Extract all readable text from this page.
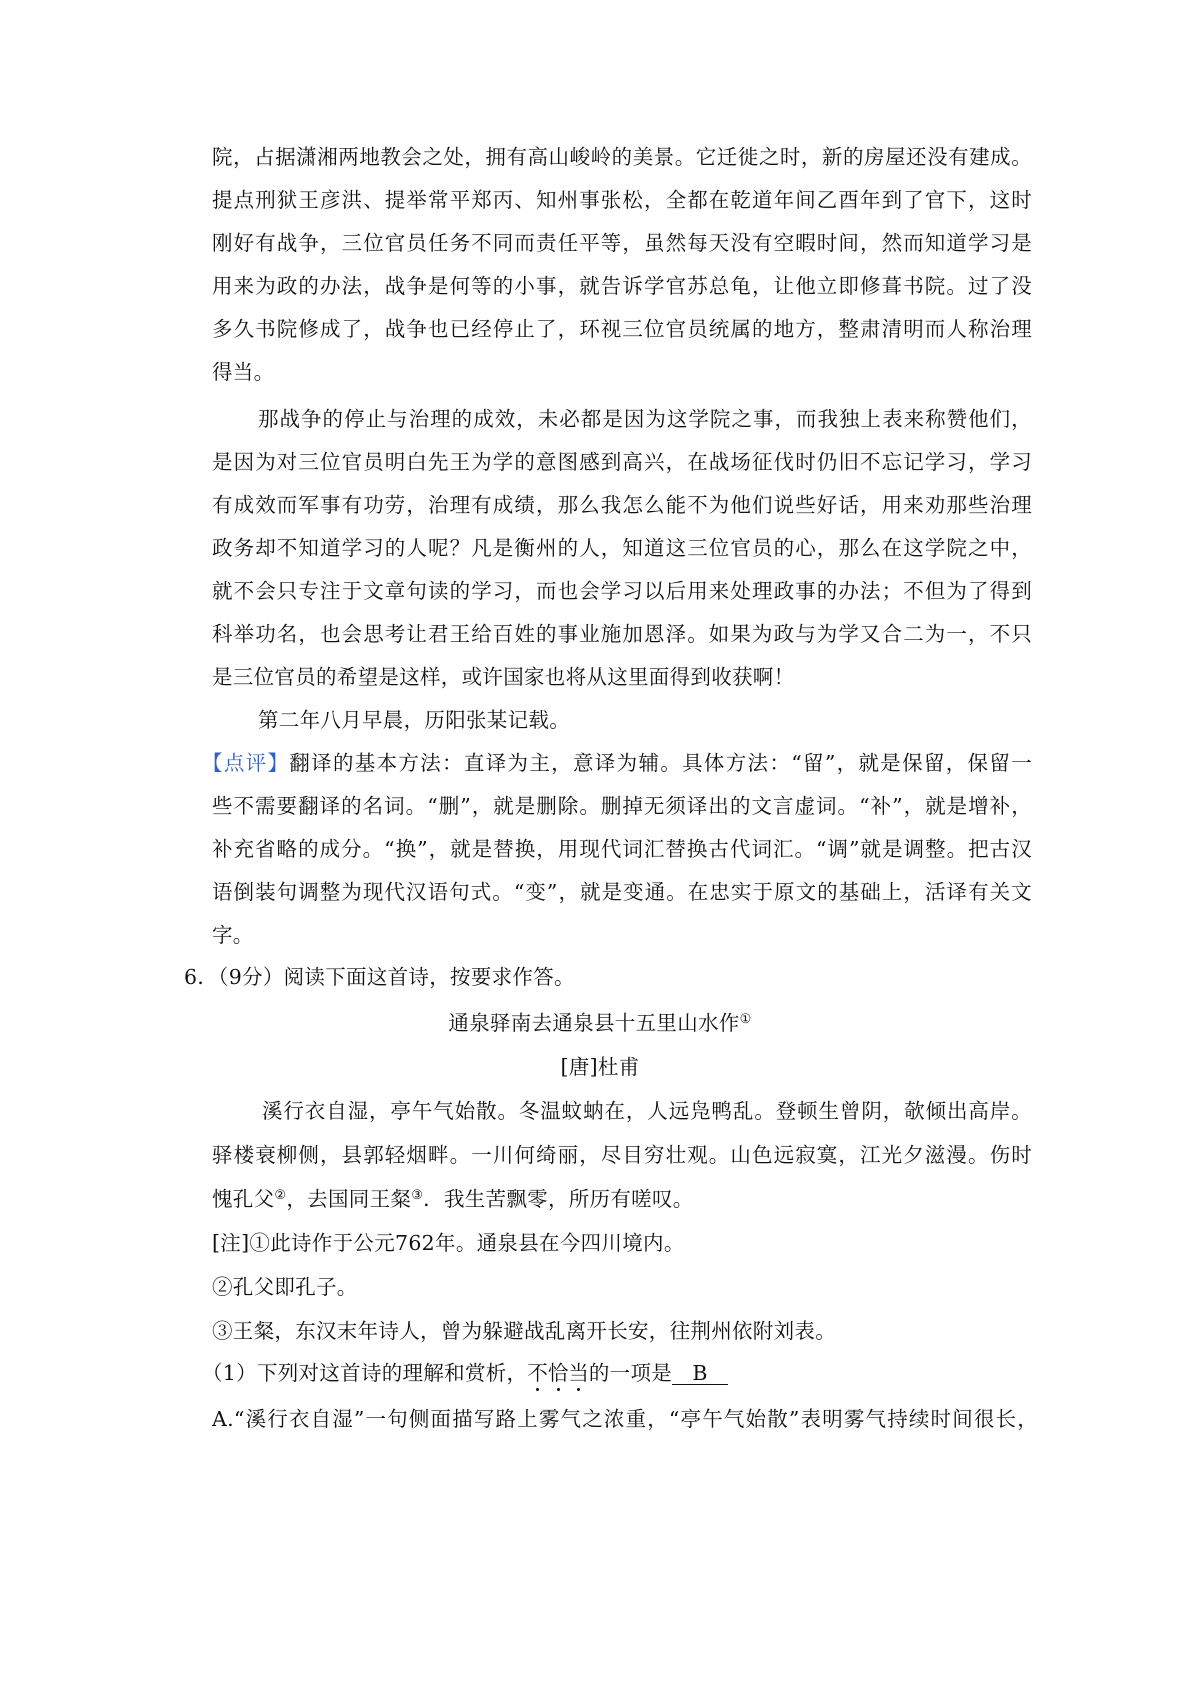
院，占据潇湘两地教会之处，拥有高山峻岭的美景。它迁徙之时，新的房屋还没有建成。
提点刑狱王彦洪、提举常平郑丙、知州事张松，全都在乾道年间乙酉年到了官下，这时
刚好有战争，三位官员任务不同而责任平等，虽然每天没有空暇时间，然而知道学习是
用来为政的办法，战争是何等的小事，就告诉学官苏总龟，让他立即修葺书院。过了没
多久书院修成了，战争也已经停止了，环视三位官员统属的地方，整肃清明而人称治理
得当。
那战争的停止与治理的成效，未必都是因为这学院之事，而我独上表来称赞他们，
是因为对三位官员明白先王为学的意图感到高兴，在战场征伐时仍旧不忘记学习，学习
有成效而军事有功劳，治理有成绩，那么我怎么能不为他们说些好话，用来劝那些治理
政务却不知道学习的人呢？凡是衡州的人，知道这三位官员的心，那么在这学院之中，
就不会只专注于文章句读的学习，而也会学习以后用来处理政事的办法；不但为了得到
科举功名，也会思考让君王给百姓的事业施加恩泽。如果为政与为学又合二为一，不只
是三位官员的希望是这样，或许国家也将从这里面得到收获啊！
第二年八月早晨，历阳张某记载。
【点评】翻译的基本方法：直译为主，意译为辅。具体方法：“留”，就是保留，保留一
些不需要翻译的名词。“删”，就是删除。删掉无须译出的文言虚词。“补”，就是增补，
补充省略的成分。“换”，就是替换，用现代词汇替换古代词汇。“调”就是调整。把古汉
语倒装句调整为现代汉语句式。“变”，就是变通。在忠实于原文的基础上，活译有关文
字。
6．（9分）阅读下面这首诗，按要求作答。
通泉驿南去通泉县十五里山水作①
[唐]杜甫
溪行衣自湿，亭午气始散。冬温蚊蚋在，人远凫鸭乱。登顿生曾阴，欹倾出高岸。
驿楼衰柳侧，县郭轻烟畔。一川何绮丽，尽目穷壮观。山色远寂寞，江光夕滋漫。伤时
愧孔父②，去国同王粲③．我生苦飘零，所历有嗟叹。
[注]①此诗作于公元762年。通泉县在今四川境内。
②孔父即孔子。
③王粲，东汉末年诗人，曾为躲避战乱离开长安，往荆州依附刘表。
（1）下列对这首诗的理解和赏析，不恰当的一项是 B
A.“溪行衣自湿”一句侧面描写路上雾气之浓重，“亭午气始散”表明雾气持续时间很长，
